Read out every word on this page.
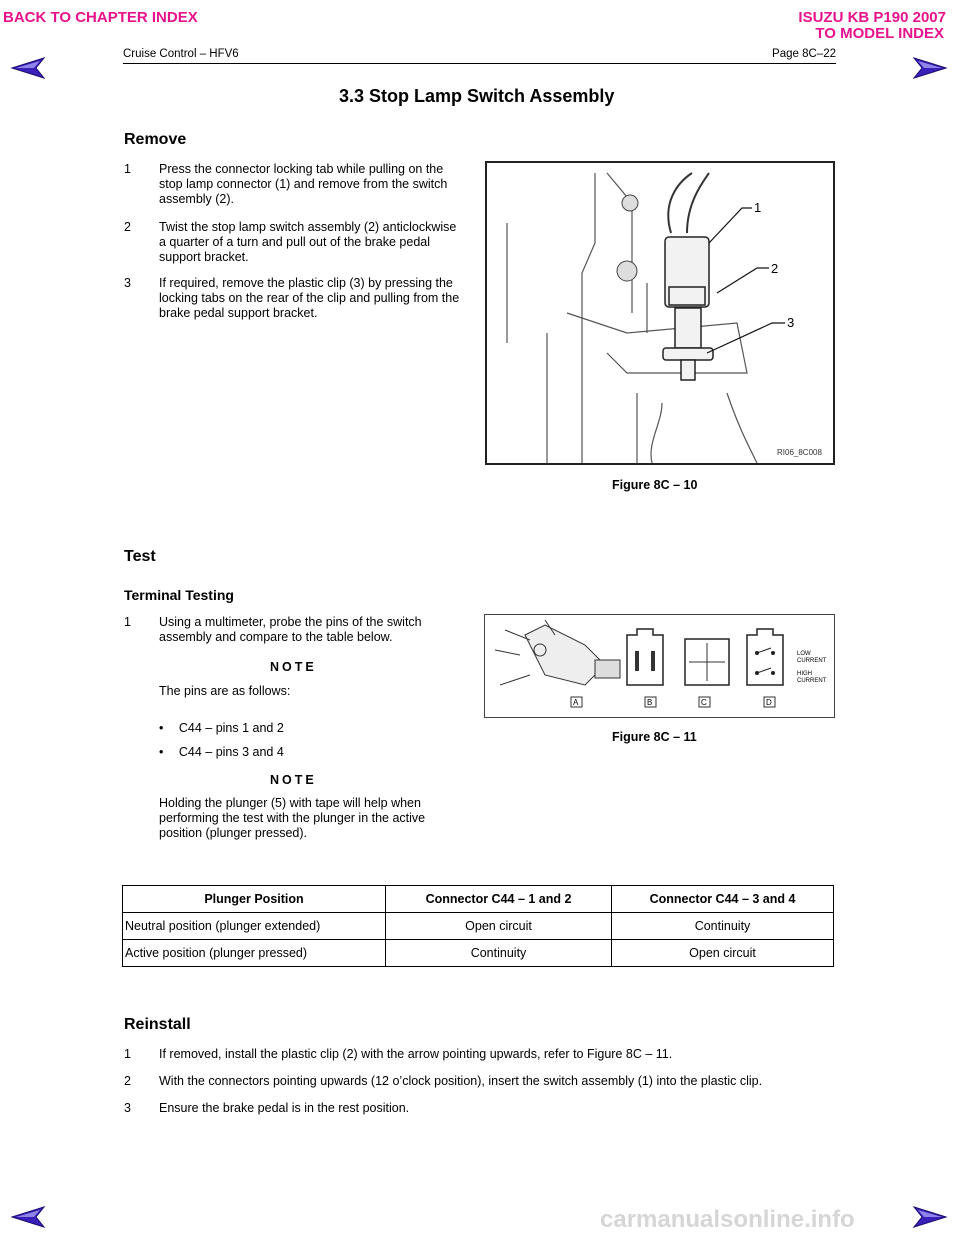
BACK TO CHAPTER INDEX	ISUZU KB P190 2007
TO MODEL INDEX
Cruise Control – HFV6	Page 8C–22
3.3 Stop Lamp Switch Assembly
Remove
1 Press the connector locking tab while pulling on the
stop lamp connector (1) and remove from the switch
assembly (2).
2 Twist the stop lamp switch assembly (2) anticlockwise
a quarter of a turn and pull out of the brake pedal
support bracket.
3 If required, remove the plastic clip (3) by pressing the
locking tabs on the rear of the clip and pulling from the
brake pedal support bracket.
1
2
3
RI06_8C008
Figure 8C – 10
Test
Terminal Testing
1 Using a multimeter, probe the pins of the switch
assembly and compare to the table below.
NOTE
The pins are as follows:
• C44 – pins 1 and 2
• C44 – pins 3 and 4
NOTE
Holding the plunger (5) with tape will help when
performing the test with the plunger in the active
position (plunger pressed).
A	B	C	D
LOW
CURRENT
HIGH
CURRENT
Figure 8C – 11
Plunger Position	Connector C44 – 1 and 2	Connector C44 – 3 and 4
Neutral position (plunger extended)	Open circuit	Continuity
Active position (plunger pressed)	Continuity	Open circuit
Reinstall
1 If removed, install the plastic clip (2) with the arrow pointing upwards, refer to Figure 8C – 11.
2 With the connectors pointing upwards (12 o’clock position), insert the switch assembly (1) into the plastic clip.
3 Ensure the brake pedal is in the rest position.
carmanualsonline.info
